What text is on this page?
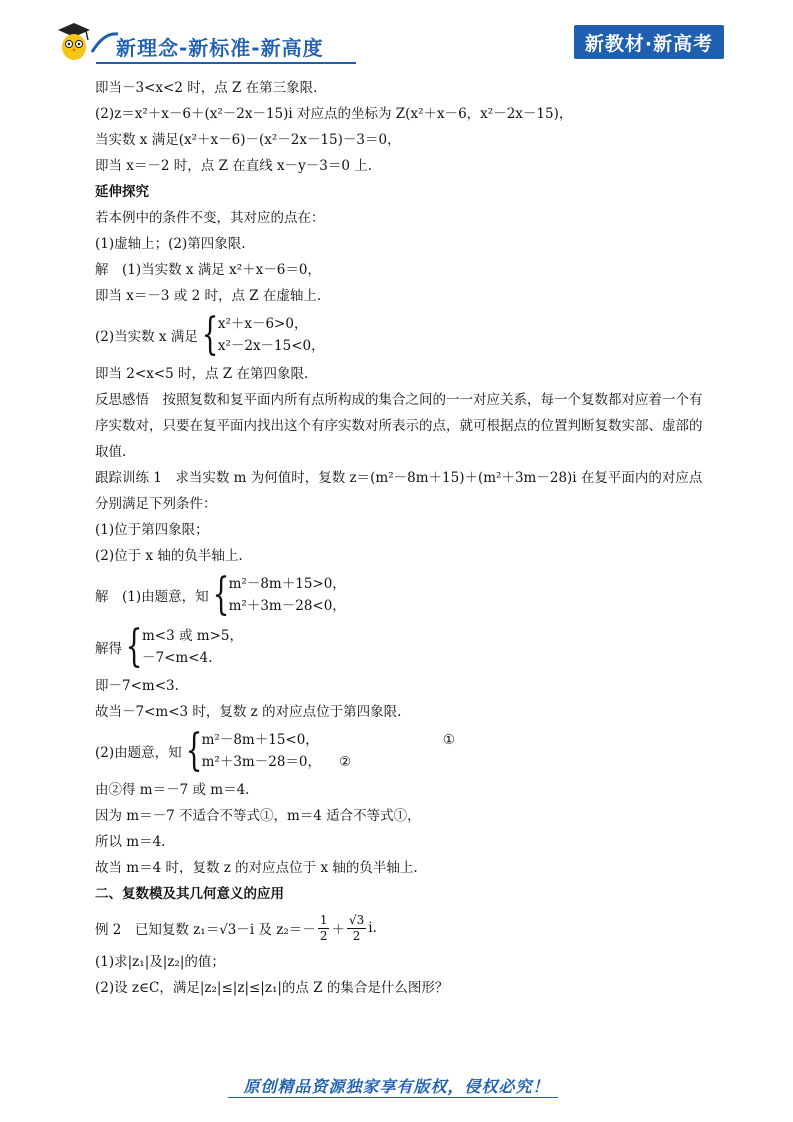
新理念-新标准-新高度	新教材·新高考
即当－3<x<2 时，点 Z 在第三象限.
(2)z＝x²＋x－6＋(x²－2x－15)i 对应点的坐标为 Z(x²＋x－6，x²－2x－15)，
当实数 x 满足(x²＋x－6)－(x²－2x－15)－3＝0，
即当 x＝－2 时，点 Z 在直线 x－y－3＝0 上.
延伸探究
若本例中的条件不变，其对应的点在：
(1)虚轴上；(2)第四象限.
解　(1)当实数 x 满足 x²＋x－6＝0，
即当 x＝－3 或 2 时，点 Z 在虚轴上.
(2)当实数 x 满足 { x²＋x－6>0，
x²－2x－15<0，
即当 2<x<5 时，点 Z 在第四象限.
反思感悟　按照复数和复平面内所有点所构成的集合之间的一一对应关系，每一个复数都对应着一个有序实数对，只要在复平面内找出这个有序实数对所表示的点，就可根据点的位置判断复数实部、虚部的取值.
跟踪训练 1　求当实数 m 为何值时，复数 z＝(m²－8m＋15)＋(m²＋3m－28)i 在复平面内的对应点分别满足下列条件：
(1)位于第四象限；
(2)位于 x 轴的负半轴上.
解　(1)由题意，知 { m²－8m＋15>0，
m²＋3m－28<0，
解得 { m<3 或 m>5，
－7<m<4.
即－7<m<3.
故当－7<m<3 时，复数 z 的对应点位于第四象限.
(2)由题意，知 { m²－8m＋15<0，	①
m²＋3m－28＝0， ②
由②得 m＝－7 或 m＝4.
因为 m＝－7 不适合不等式①，m＝4 适合不等式①，
所以 m＝4.
故当 m＝4 时，复数 z 的对应点位于 x 轴的负半轴上.
二、复数模及其几何意义的应用
例 2　已知复数 z₁＝√3－i 及 $z_2=- \frac{1}{2} + \frac{√3}{2} i$.
(1)求|z₁|及|z₂|的值；
(2)设 z∈C，满足|z₂|≤|z|≤|z₁|的点 Z 的集合是什么图形？
原创精品资源独家享有版权，侵权必究！
